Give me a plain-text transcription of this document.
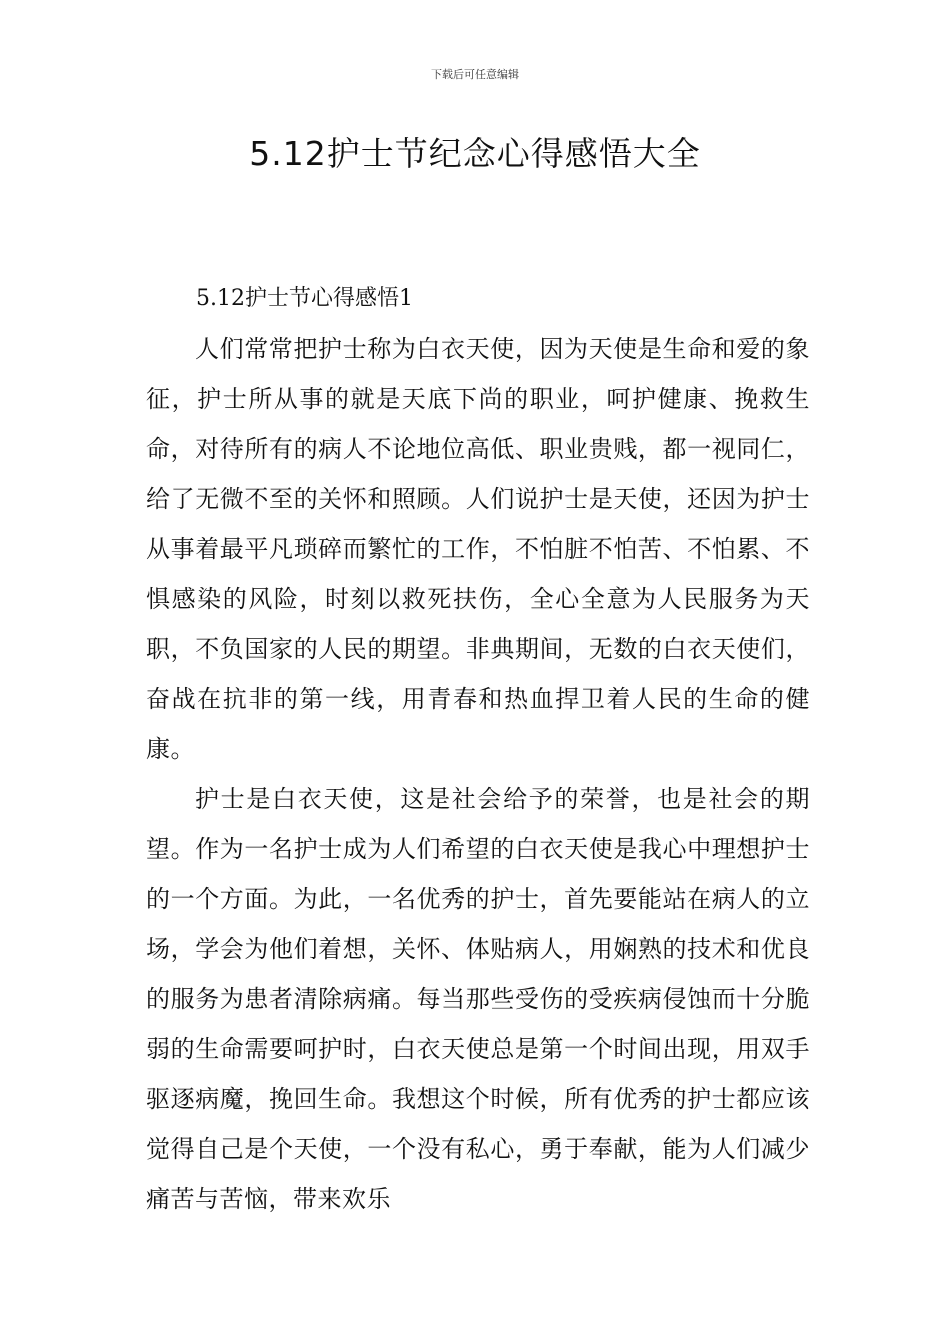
下载后可任意编辑
5.12护士节纪念心得感悟大全

5.12护士节心得感悟1

人们常常把护士称为白衣天使，因为天使是生命和爱的象征，护士所从事的就是天底下尚的职业，呵护健康、挽救生命，对待所有的病人不论地位高低、职业贵贱，都一视同仁，给了无微不至的关怀和照顾。人们说护士是天使，还因为护士从事着最平凡琐碎而繁忙的工作，不怕脏不怕苦、不怕累、不惧感染的风险，时刻以救死扶伤，全心全意为人民服务为天职，不负国家的人民的期望。非典期间，无数的白衣天使们，奋战在抗非的第一线，用青春和热血捍卫着人民的生命的健康。

护士是白衣天使，这是社会给予的荣誉，也是社会的期望。作为一名护士成为人们希望的白衣天使是我心中理想护士的一个方面。为此，一名优秀的护士，首先要能站在病人的立场，学会为他们着想，关怀、体贴病人，用娴熟的技术和优良的服务为患者清除病痛。每当那些受伤的受疾病侵蚀而十分脆弱的生命需要呵护时，白衣天使总是第一个时间出现，用双手驱逐病魔，挽回生命。我想这个时候，所有优秀的护士都应该觉得自己是个天使，一个没有私心，勇于奉献，能为人们减少痛苦与苦恼，带来欢乐
